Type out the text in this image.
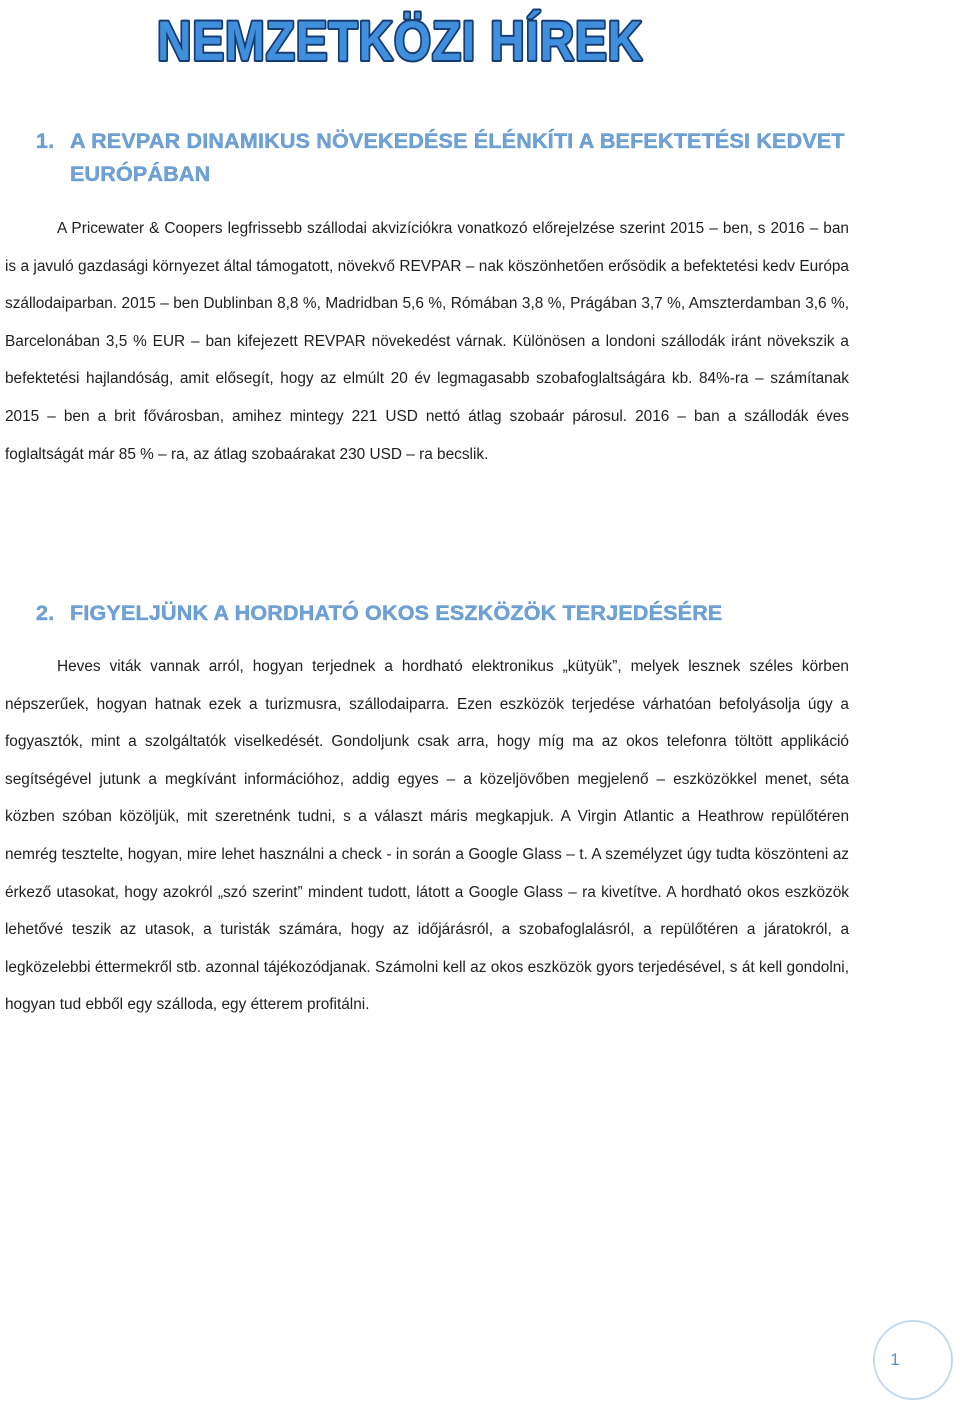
NEMZETKÖZI HÍREK
1. A REVPAR DINAMIKUS NÖVEKEDÉSE ÉLÉNKÍTI A BEFEKTETÉSI KEDVET
EURÓPÁBAN

A Pricewater & Coopers legfrissebb szállodai akvizíciókra vonatkozó előrejelzése szerint 2015 – ben, s 2016 – ban is a javuló gazdasági környezet által támogatott, növekvő REVPAR – nak köszönhetően erősödik a befektetési kedv Európa szállodaiparban. 2015 – ben Dublinban 8,8 %, Madridban 5,6 %, Rómában 3,8 %, Prágában 3,7 %, Amszterdamban 3,6 %, Barcelonában 3,5 % EUR – ban kifejezett REVPAR növekedést várnak. Különösen a londoni szállodák iránt növekszik a befektetési hajlandóság, amit elősegít, hogy az elmúlt 20 év legmagasabb szobafoglaltságára kb. 84%-ra – számítanak 2015 – ben a brit fővárosban, amihez mintegy 221 USD nettó átlag szobaár párosul. 2016 – ban a szállodák éves foglaltságát már 85 % – ra, az átlag szobaárakat 230 USD – ra becslik.

2. FIGYELJÜNK A HORDHATÓ OKOS ESZKÖZÖK TERJEDÉSÉRE

Heves viták vannak arról, hogyan terjednek a hordható elektronikus „kütyük”, melyek lesznek széles körben népszerűek, hogyan hatnak ezek a turizmusra, szállodaiparra. Ezen eszközök terjedése várhatóan befolyásolja úgy a fogyasztók, mint a szolgáltatók viselkedését. Gondoljunk csak arra, hogy míg ma az okos telefonra töltött applikáció segítségével jutunk a megkívánt információhoz, addig egyes – a közeljövőben megjelenő – eszközökkel menet, séta közben szóban közöljük, mit szeretnénk tudni, s a választ máris megkapjuk. A Virgin Atlantic a Heathrow repülőtéren nemrég tesztelte, hogyan, mire lehet használni a check - in során a Google Glass – t. A személyzet úgy tudta köszönteni az érkező utasokat, hogy azokról „szó szerint” mindent tudott, látott a Google Glass – ra kivetítve. A hordható okos eszközök lehetővé teszik az utasok, a turisták számára, hogy az időjárásról, a szobafoglalásról, a repülőtéren a járatokról, a legközelebbi éttermekről stb. azonnal tájékozódjanak. Számolni kell az okos eszközök gyors terjedésével, s át kell gondolni, hogyan tud ebből egy szálloda, egy étterem profitálni.

1
